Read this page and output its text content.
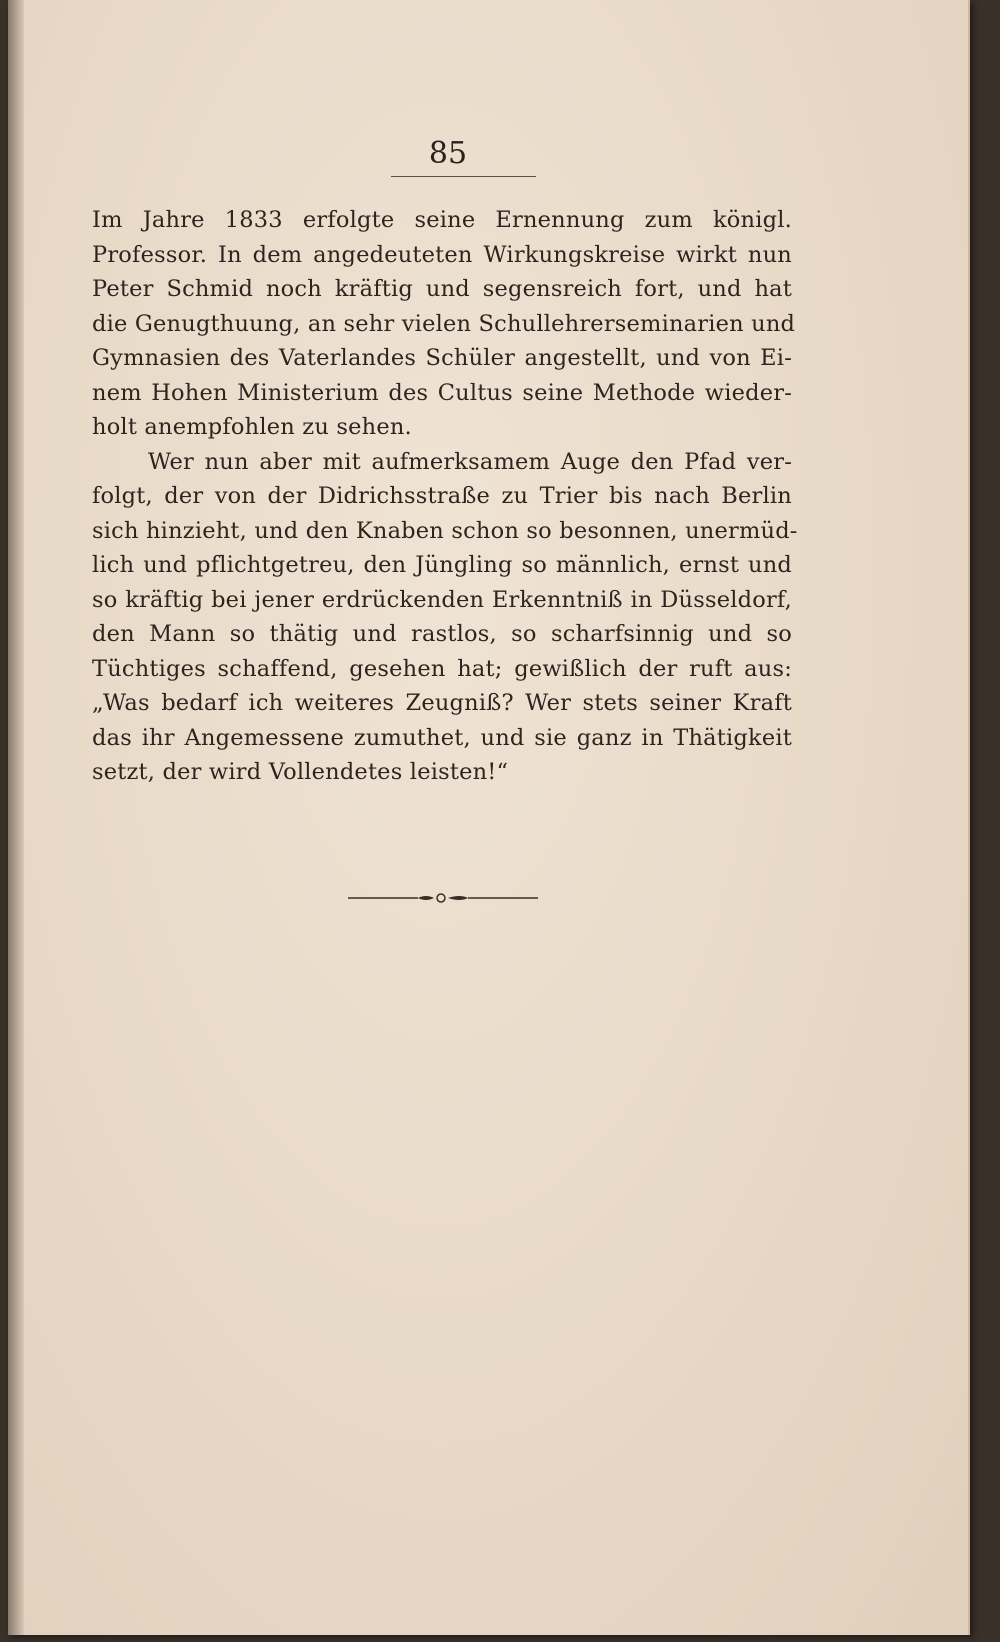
85
Im Jahre 1833 erfolgte seine Ernennung zum königl.
Professor. In dem angedeuteten Wirkungskreise wirkt nun
Peter Schmid noch kräftig und segensreich fort, und hat
die Genugthuung, an sehr vielen Schullehrerseminarien und
Gymnasien des Vaterlandes Schüler angestellt, und von Ei-
nem Hohen Ministerium des Cultus seine Methode wieder-
holt anempfohlen zu sehen.
Wer nun aber mit aufmerksamem Auge den Pfad ver-
folgt, der von der Didrichsstraße zu Trier bis nach Berlin
sich hinzieht, und den Knaben schon so besonnen, unermüd-
lich und pflichtgetreu, den Jüngling so männlich, ernst und
so kräftig bei jener erdrückenden Erkenntniß in Düsseldorf,
den Mann so thätig und rastlos, so scharfsinnig und so
Tüchtiges schaffend, gesehen hat; gewißlich der ruft aus:
„Was bedarf ich weiteres Zeugniß? Wer stets seiner Kraft
das ihr Angemessene zumuthet, und sie ganz in Thätigkeit
setzt, der wird Vollendetes leisten!“
